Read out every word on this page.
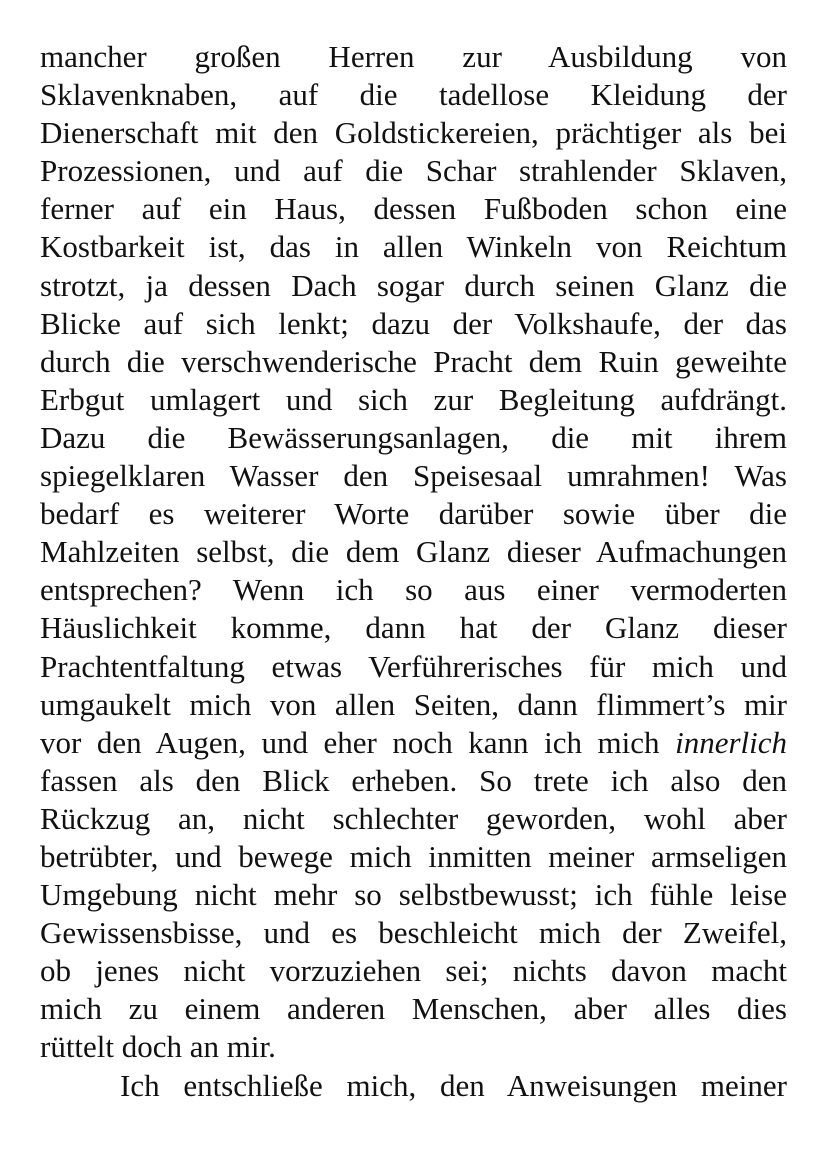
mancher großen Herren zur Ausbildung von
Sklavenknaben, auf die tadellose Kleidung der
Dienerschaft mit den Goldstickereien, prächtiger als bei
Prozessionen, und auf die Schar strahlender Sklaven,
ferner auf ein Haus, dessen Fußboden schon eine
Kostbarkeit ist, das in allen Winkeln von Reichtum
strotzt, ja dessen Dach sogar durch seinen Glanz die
Blicke auf sich lenkt; dazu der Volkshaufe, der das
durch die verschwenderische Pracht dem Ruin geweihte
Erbgut umlagert und sich zur Begleitung aufdrängt.
Dazu die Bewässerungsanlagen, die mit ihrem
spiegelklaren Wasser den Speisesaal umrahmen! Was
bedarf es weiterer Worte darüber sowie über die
Mahlzeiten selbst, die dem Glanz dieser Aufmachungen
entsprechen? Wenn ich so aus einer vermoderten
Häuslichkeit komme, dann hat der Glanz dieser
Prachtentfaltung etwas Verführerisches für mich und
umgaukelt mich von allen Seiten, dann flimmert’s mir
vor den Augen, und eher noch kann ich mich innerlich
fassen als den Blick erheben. So trete ich also den
Rückzug an, nicht schlechter geworden, wohl aber
betrübter, und bewege mich inmitten meiner armseligen
Umgebung nicht mehr so selbstbewusst; ich fühle leise
Gewissensbisse, und es beschleicht mich der Zweifel,
ob jenes nicht vorzuziehen sei; nichts davon macht
mich zu einem anderen Menschen, aber alles dies
rüttelt doch an mir.
Ich entschließe mich, den Anweisungen meiner
